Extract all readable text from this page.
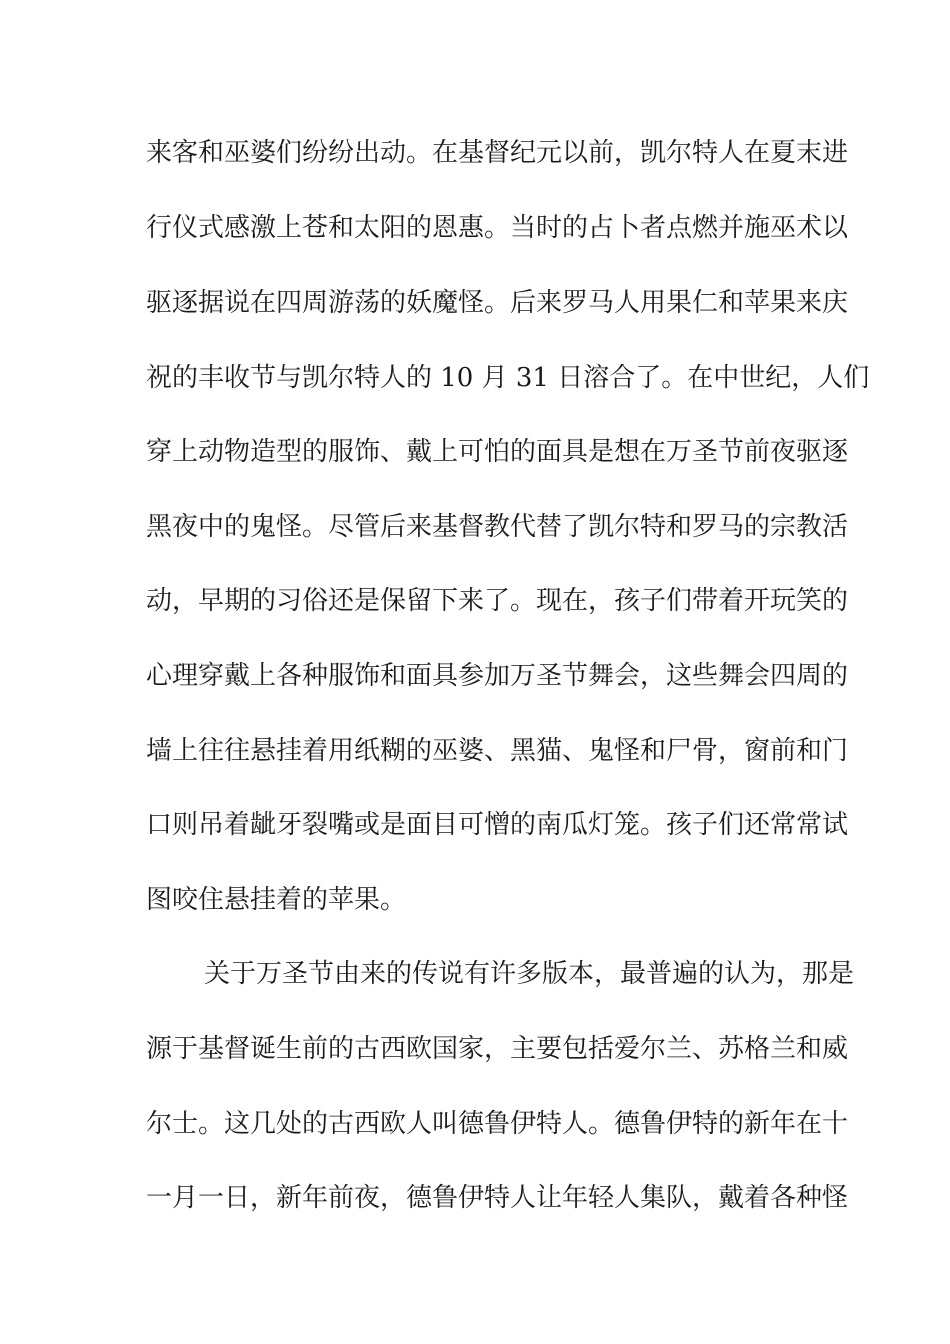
来客和巫婆们纷纷出动。在基督纪元以前，凯尔特人在夏末进
行仪式感激上苍和太阳的恩惠。当时的占卜者点燃并施巫术以
驱逐据说在四周游荡的妖魔怪。后来罗马人用果仁和苹果来庆
祝的丰收节与凯尔特人的 10 月 31 日溶合了。在中世纪，人们
穿上动物造型的服饰、戴上可怕的面具是想在万圣节前夜驱逐
黑夜中的鬼怪。尽管后来基督教代替了凯尔特和罗马的宗教活
动，早期的习俗还是保留下来了。现在，孩子们带着开玩笑的
心理穿戴上各种服饰和面具参加万圣节舞会，这些舞会四周的
墙上往往悬挂着用纸糊的巫婆、黑猫、鬼怪和尸骨，窗前和门
口则吊着龇牙裂嘴或是面目可憎的南瓜灯笼。孩子们还常常试
图咬住悬挂着的苹果。
关于万圣节由来的传说有许多版本，最普遍的认为，那是
源于基督诞生前的古西欧国家，主要包括爱尔兰、苏格兰和威
尔士。这几处的古西欧人叫德鲁伊特人。德鲁伊特的新年在十
一月一日，新年前夜，德鲁伊特人让年轻人集队，戴着各种怪
